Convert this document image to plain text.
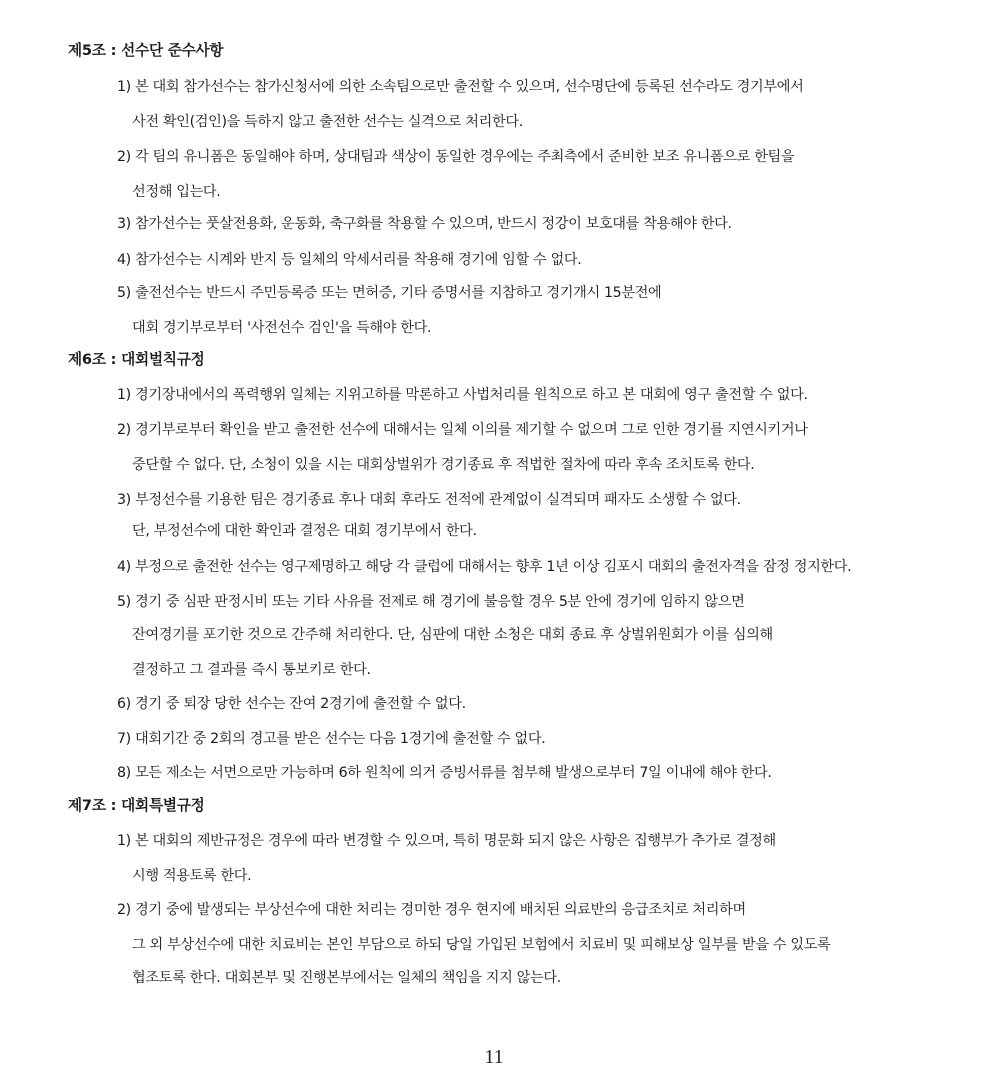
제5조 : 선수단 준수사항
1) 본 대회 참가선수는 참가신청서에 의한 소속팀으로만 출전할 수 있으며, 선수명단에 등록된 선수라도 경기부에서
사전 확인(검인)을 득하지 않고 출전한 선수는 실격으로 처리한다.
2) 각 팀의 유니폼은 동일해야 하며, 상대팀과 색상이 동일한 경우에는 주최측에서 준비한 보조 유니폼으로 한팀을
선정해 입는다.
3) 참가선수는 풋살전용화, 운동화, 축구화를 착용할 수 있으며, 반드시 정강이 보호대를 착용해야 한다.
4) 참가선수는 시계와 반지 등 일체의 악세서리를 착용해 경기에 임할 수 없다.
5) 출전선수는 반드시 주민등록증 또는 면허증, 기타 증명서를 지참하고 경기개시 15분전에
대회 경기부로부터 '사전선수 검인'을 득해야 한다.
제6조 : 대회벌칙규정
1) 경기장내에서의 폭력행위 일체는 지위고하를 막론하고 사법처리를 원칙으로 하고 본 대회에 영구 출전할 수 없다.
2) 경기부로부터 확인을 받고 출전한 선수에 대해서는 일체 이의를 제기할 수 없으며 그로 인한 경기를 지연시키거나
중단할 수 없다. 단, 소청이 있을 시는 대회상벌위가 경기종료 후 적법한 절차에 따라 후속 조치토록 한다.
3) 부정선수를 기용한 팀은 경기종료 후나 대회 후라도 전적에 관계없이 실격되며 패자도 소생할 수 없다.
단, 부정선수에 대한 확인과 결정은 대회 경기부에서 한다.
4) 부정으로 출전한 선수는 영구제명하고 해당 각 클럽에 대해서는 향후 1년 이상 김포시 대회의 출전자격을 잠정 정지한다.
5) 경기 중 심판 판정시비 또는 기타 사유를 전제로 해 경기에 불응할 경우 5분 안에 경기에 임하지 않으면
잔여경기를 포기한 것으로 간주해 처리한다. 단, 심판에 대한 소청은 대회 종료 후 상벌위원회가 이를 심의해
결정하고 그 결과를 즉시 통보키로 한다.
6) 경기 중 퇴장 당한 선수는 잔여 2경기에 출전할 수 없다.
7) 대회기간 중 2회의 경고를 받은 선수는 다음 1경기에 출전할 수 없다.
8) 모든 제소는 서면으로만 가능하며 6하 원칙에 의거 증빙서류를 첨부해 발생으로부터 7일 이내에 해야 한다.
제7조 : 대회특별규정
1) 본 대회의 제반규정은 경우에 따라 변경할 수 있으며, 특히 명문화 되지 않은 사항은 집행부가 추가로 결정해
시행 적용토록 한다.
2) 경기 중에 발생되는 부상선수에 대한 처리는 경미한 경우 현지에 배치된 의료반의 응급조치로 처리하며
그 외 부상선수에 대한 치료비는 본인 부담으로 하되 당일 가입된 보험에서 치료비 및 피해보상 일부를 받을 수 있도록
협조토록 한다. 대회본부 및 진행본부에서는 일체의 책임을 지지 않는다.
11
